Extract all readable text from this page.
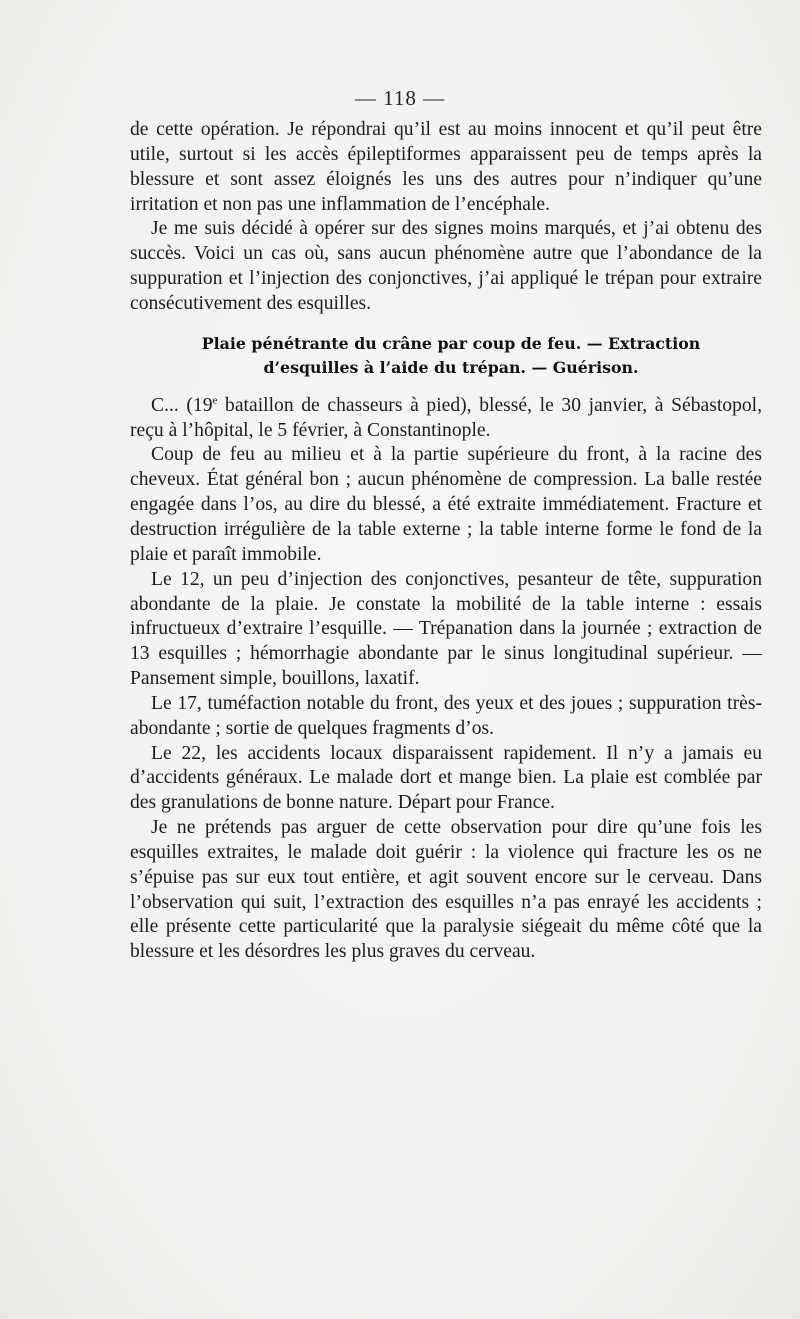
— 118 —

de cette opération. Je répondrai qu’il est au moins innocent et qu’il peut être utile, surtout si les accès épileptiformes apparaissent peu de temps après la blessure et sont assez éloignés les uns des autres pour n’indiquer qu’une irritation et non pas une inflammation de l’encéphale.

Je me suis décidé à opérer sur des signes moins marqués, et j’ai obtenu des succès. Voici un cas où, sans aucun phénomène autre que l’abondance de la suppuration et l’injection des conjonctives, j’ai appliqué le trépan pour extraire consécutivement des esquilles.

Plaie pénétrante du crâne par coup de feu. — Extraction
d’esquilles à l’aide du trépan. — Guérison.

C... (19e bataillon de chasseurs à pied), blessé, le 30 janvier, à Sébastopol, reçu à l’hôpital, le 5 février, à Constantinople.

Coup de feu au milieu et à la partie supérieure du front, à la racine des cheveux. État général bon ; aucun phénomène de compression. La balle restée engagée dans l’os, au dire du blessé, a été extraite immédiatement. Fracture et destruction irrégulière de la table externe ; la table interne forme le fond de la plaie et paraît immobile.

Le 12, un peu d’injection des conjonctives, pesanteur de tête, suppuration abondante de la plaie. Je constate la mobilité de la table interne : essais infructueux d’extraire l’esquille. — Trépanation dans la journée ; extraction de 13 esquilles ; hémorrhagie abondante par le sinus longitudinal supérieur. — Pansement simple, bouillons, laxatif.

Le 17, tuméfaction notable du front, des yeux et des joues ; suppuration très-abondante ; sortie de quelques fragments d’os.

Le 22, les accidents locaux disparaissent rapidement. Il n’y a jamais eu d’accidents généraux. Le malade dort et mange bien. La plaie est comblée par des granulations de bonne nature. Départ pour France.

Je ne prétends pas arguer de cette observation pour dire qu’une fois les esquilles extraites, le malade doit guérir : la violence qui fracture les os ne s’épuise pas sur eux tout entière, et agit souvent encore sur le cerveau. Dans l’observation qui suit, l’extraction des esquilles n’a pas enrayé les accidents ; elle présente cette particularité que la paralysie siégeait du même côté que la blessure et les désordres les plus graves du cerveau.
